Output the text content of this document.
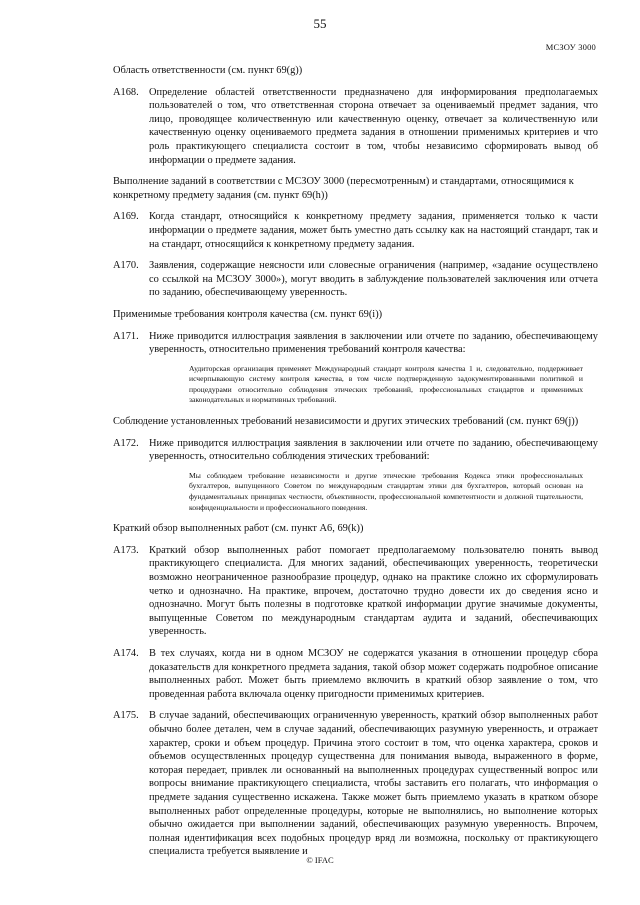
55
МСЗОУ 3000
Область ответственности (см. пункт 69(g))
A168. Определение областей ответственности предназначено для информирования предполагаемых пользователей о том, что ответственная сторона отвечает за оцениваемый предмет задания, что лицо, проводящее количественную или качественную оценку, отвечает за количественную или качественную оценку оцениваемого предмета задания в отношении применимых критериев и что роль практикующего специалиста состоит в том, чтобы независимо сформировать вывод об информации о предмете задания.
Выполнение заданий в соответствии с МСЗОУ 3000 (пересмотренным) и стандартами, относящимися к конкретному предмету задания (см. пункт 69(h))
A169. Когда стандарт, относящийся к конкретному предмету задания, применяется только к части информации о предмете задания, может быть уместно дать ссылку как на настоящий стандарт, так и на стандарт, относящийся к конкретному предмету задания.
A170. Заявления, содержащие неясности или словесные ограничения (например, «задание осуществлено со ссылкой на МСЗОУ 3000»), могут вводить в заблуждение пользователей заключения или отчета по заданию, обеспечивающему уверенность.
Применимые требования контроля качества (см. пункт 69(i))
A171. Ниже приводится иллюстрация заявления в заключении или отчете по заданию, обеспечивающему уверенность, относительно применения требований контроля качества:
Аудиторская организация применяет Международный стандарт контроля качества 1 и, следовательно, поддерживает исчерпывающую систему контроля качества, в том числе подтвержденную задокументированными политикой и процедурами относительно соблюдения этических требований, профессиональных стандартов и применимых законодательных и нормативных требований.
Соблюдение установленных требований независимости и других этических требований (см. пункт 69(j))
A172. Ниже приводится иллюстрация заявления в заключении или отчете по заданию, обеспечивающему уверенность, относительно соблюдения этических требований:
Мы соблюдаем требование независимости и другие этические требования Кодекса этики профессиональных бухгалтеров, выпущенного Советом по международным стандартам этики для бухгалтеров, который основан на фундаментальных принципах честности, объективности, профессиональной компетентности и должной тщательности, конфиденциальности и профессионального поведения.
Краткий обзор выполненных работ (см. пункт A6, 69(k))
A173. Краткий обзор выполненных работ помогает предполагаемому пользователю понять вывод практикующего специалиста. Для многих заданий, обеспечивающих уверенность, теоретически возможно неограниченное разнообразие процедур, однако на практике сложно их сформулировать четко и однозначно. На практике, впрочем, достаточно трудно довести их до сведения ясно и однозначно. Могут быть полезны в подготовке краткой информации другие значимые документы, выпущенные Советом по международным стандартам аудита и заданий, обеспечивающих уверенность.
A174. В тех случаях, когда ни в одном МСЗОУ не содержатся указания в отношении процедур сбора доказательств для конкретного предмета задания, такой обзор может содержать подробное описание выполненных работ. Может быть приемлемо включить в краткий обзор заявление о том, что проведенная работа включала оценку пригодности применимых критериев.
A175. В случае заданий, обеспечивающих ограниченную уверенность, краткий обзор выполненных работ обычно более детален, чем в случае заданий, обеспечивающих разумную уверенность, и отражает характер, сроки и объем процедур. Причина этого состоит в том, что оценка характера, сроков и объемов осуществленных процедур существенна для понимания вывода, выраженного в форме, которая передает, привлек ли основанный на выполненных процедурах существенный вопрос или вопросы внимание практикующего специалиста, чтобы заставить его полагать, что информация о предмете задания существенно искажена. Также может быть приемлемо указать в кратком обзоре выполненных работ определенные процедуры, которые не выполнялись, но выполнение которых обычно ожидается при выполнении заданий, обеспечивающих разумную уверенность. Впрочем, полная идентификация всех подобных процедур вряд ли возможна, поскольку от практикующего специалиста требуется выявление и
© IFAC
